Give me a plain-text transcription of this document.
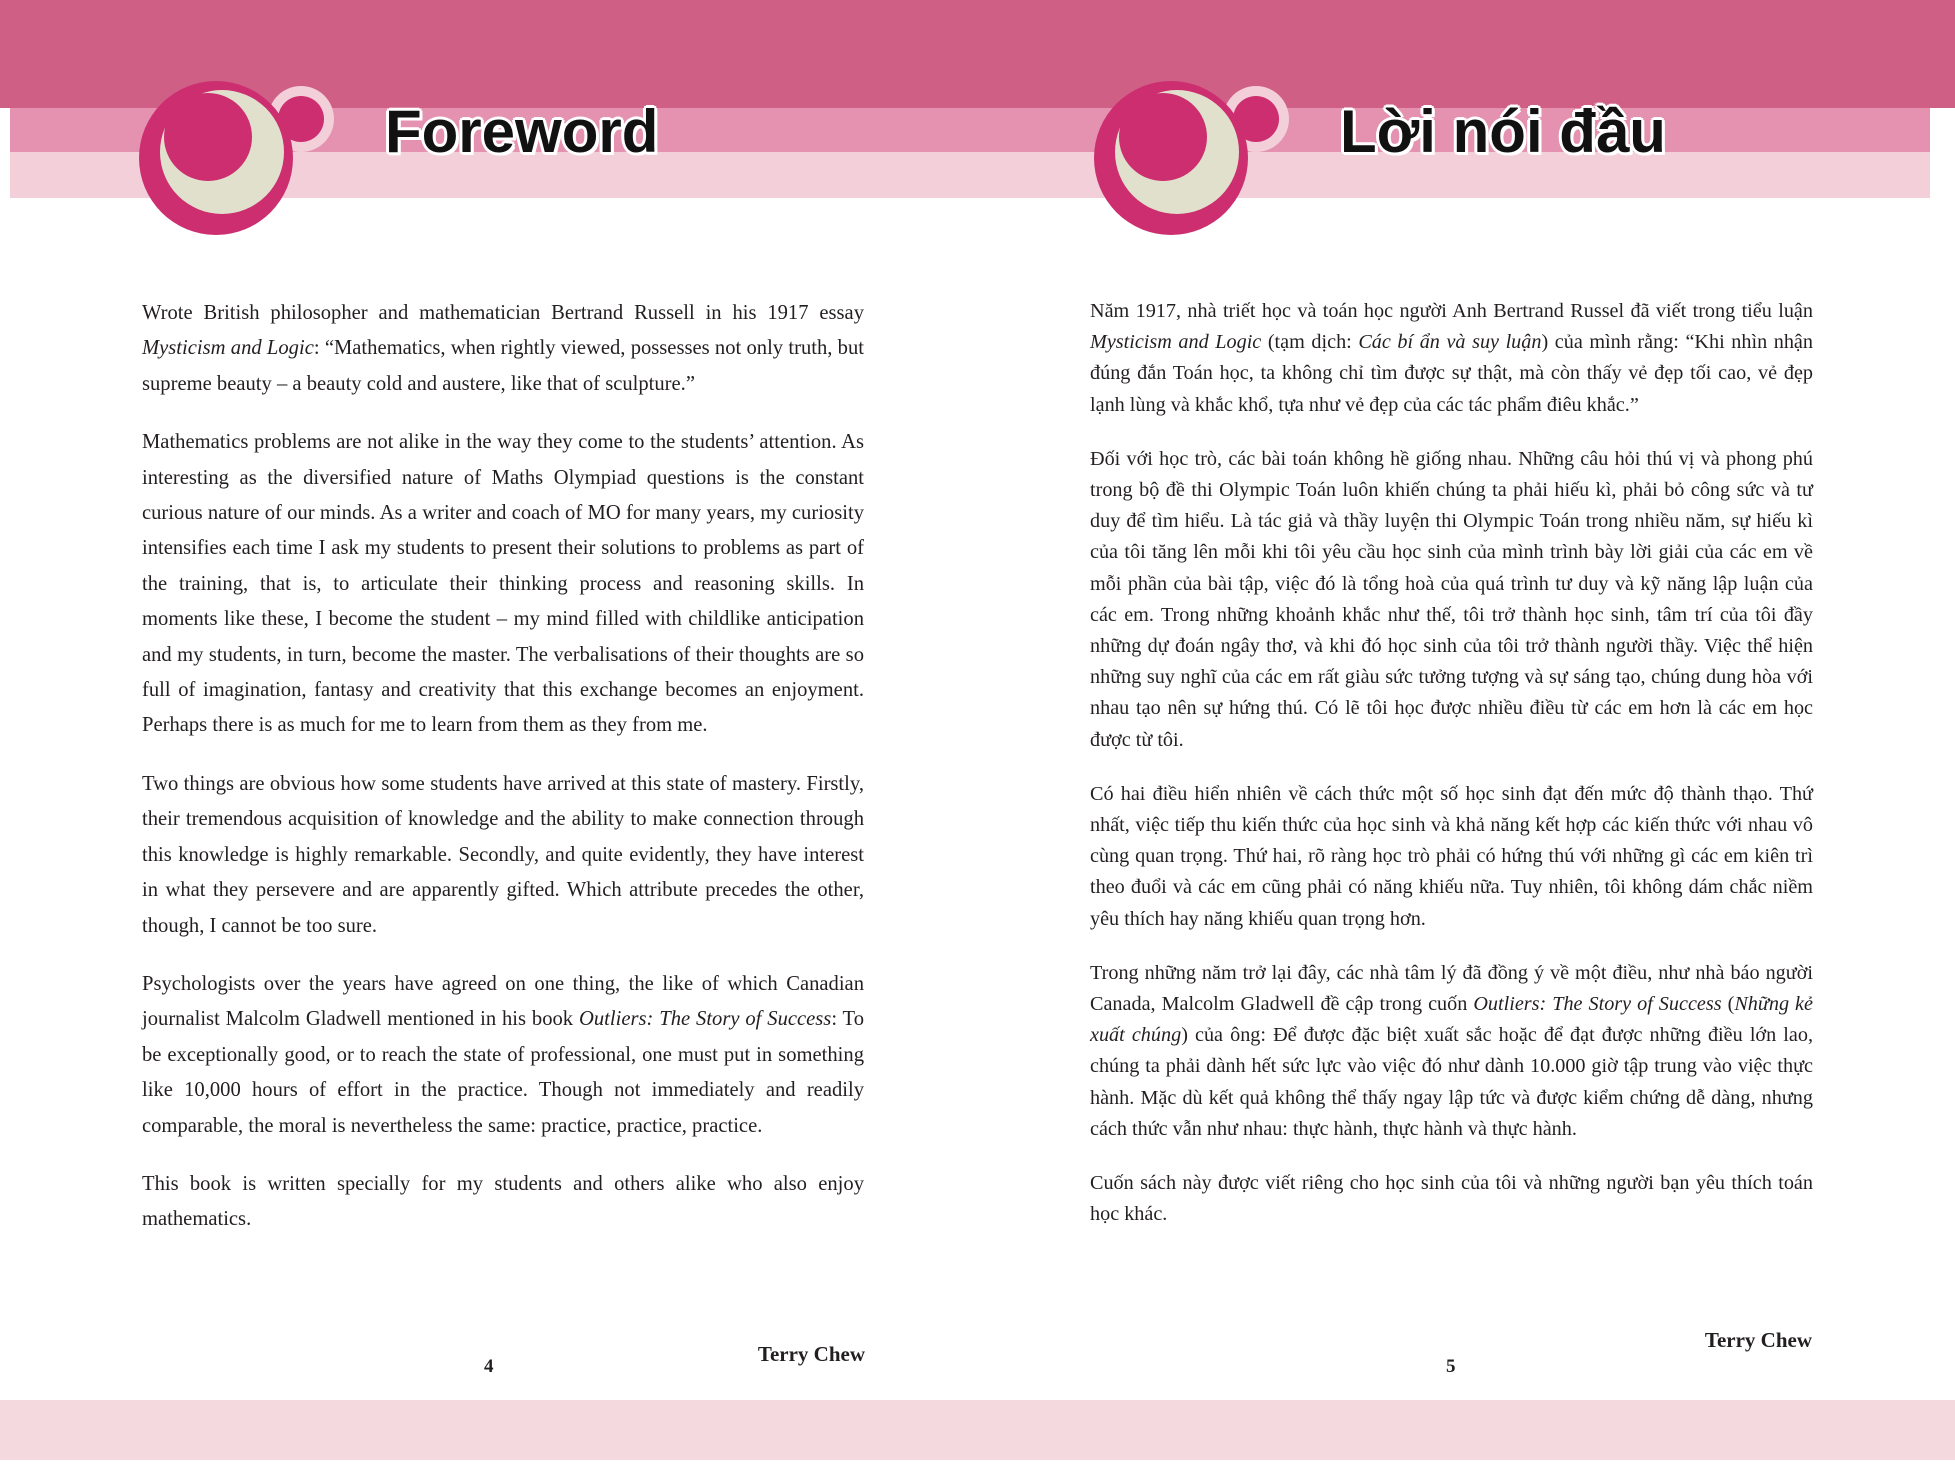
Foreword	Lời nói đầu

Wrote British philosopher and mathematician Bertrand Russell in his 1917 essay Mysticism and Logic: “Mathematics, when rightly viewed, possesses not only truth, but supreme beauty – a beauty cold and austere, like that of sculpture.”

Mathematics problems are not alike in the way they come to the students’ attention. As interesting as the diversified nature of Maths Olympiad questions is the constant curious nature of our minds. As a writer and coach of MO for many years, my curiosity intensifies each time I ask my students to present their solutions to problems as part of the training, that is, to articulate their thinking process and reasoning skills. In moments like these, I become the student – my mind filled with childlike anticipation and my students, in turn, become the master. The verbalisations of their thoughts are so full of imagination, fantasy and creativity that this exchange becomes an enjoyment. Perhaps there is as much for me to learn from them as they from me.

Two things are obvious how some students have arrived at this state of mastery. Firstly, their tremendous acquisition of knowledge and the ability to make connection through this knowledge is highly remarkable. Secondly, and quite evidently, they have interest in what they persevere and are apparently gifted. Which attribute precedes the other, though, I cannot be too sure.

Psychologists over the years have agreed on one thing, the like of which Canadian journalist Malcolm Gladwell mentioned in his book Outliers: The Story of Success: To be exceptionally good, or to reach the state of professional, one must put in something like 10,000 hours of effort in the practice. Though not immediately and readily comparable, the moral is nevertheless the same: practice, practice, practice.

This book is written specially for my students and others alike who also enjoy mathematics.

Năm 1917, nhà triết học và toán học người Anh Bertrand Russel đã viết trong tiểu luận Mysticism and Logic (tạm dịch: Các bí ẩn và suy luận) của mình rằng: “Khi nhìn nhận đúng đắn Toán học, ta không chỉ tìm được sự thật, mà còn thấy vẻ đẹp tối cao, vẻ đẹp lạnh lùng và khắc khổ, tựa như vẻ đẹp của các tác phẩm điêu khắc.”

Đối với học trò, các bài toán không hề giống nhau. Những câu hỏi thú vị và phong phú trong bộ đề thi Olympic Toán luôn khiến chúng ta phải hiếu kì, phải bỏ công sức và tư duy để tìm hiểu. Là tác giả và thầy luyện thi Olympic Toán trong nhiều năm, sự hiếu kì của tôi tăng lên mỗi khi tôi yêu cầu học sinh của mình trình bày lời giải của các em về mỗi phần của bài tập, việc đó là tổng hoà của quá trình tư duy và kỹ năng lập luận của các em. Trong những khoảnh khắc như thế, tôi trở thành học sinh, tâm trí của tôi đầy những dự đoán ngây thơ, và khi đó học sinh của tôi trở thành người thầy. Việc thể hiện những suy nghĩ của các em rất giàu sức tưởng tượng và sự sáng tạo, chúng dung hòa với nhau tạo nên sự hứng thú. Có lẽ tôi học được nhiều điều từ các em hơn là các em học được từ tôi.

Có hai điều hiển nhiên về cách thức một số học sinh đạt đến mức độ thành thạo. Thứ nhất, việc tiếp thu kiến thức của học sinh và khả năng kết hợp các kiến thức với nhau vô cùng quan trọng. Thứ hai, rõ ràng học trò phải có hứng thú với những gì các em kiên trì theo đuổi và các em cũng phải có năng khiếu nữa. Tuy nhiên, tôi không dám chắc niềm yêu thích hay năng khiếu quan trọng hơn.

Trong những năm trở lại đây, các nhà tâm lý đã đồng ý về một điều, như nhà báo người Canada, Malcolm Gladwell đề cập trong cuốn Outliers: The Story of Success (Những kẻ xuất chúng) của ông: Để được đặc biệt xuất sắc hoặc để đạt được những điều lớn lao, chúng ta phải dành hết sức lực vào việc đó như dành 10.000 giờ tập trung vào việc thực hành. Mặc dù kết quả không thể thấy ngay lập tức và được kiểm chứng dễ dàng, nhưng cách thức vẫn như nhau: thực hành, thực hành và thực hành.

Cuốn sách này được viết riêng cho học sinh của tôi và những người bạn yêu thích toán học khác.

Terry Chew
Terry Chew
4	5
